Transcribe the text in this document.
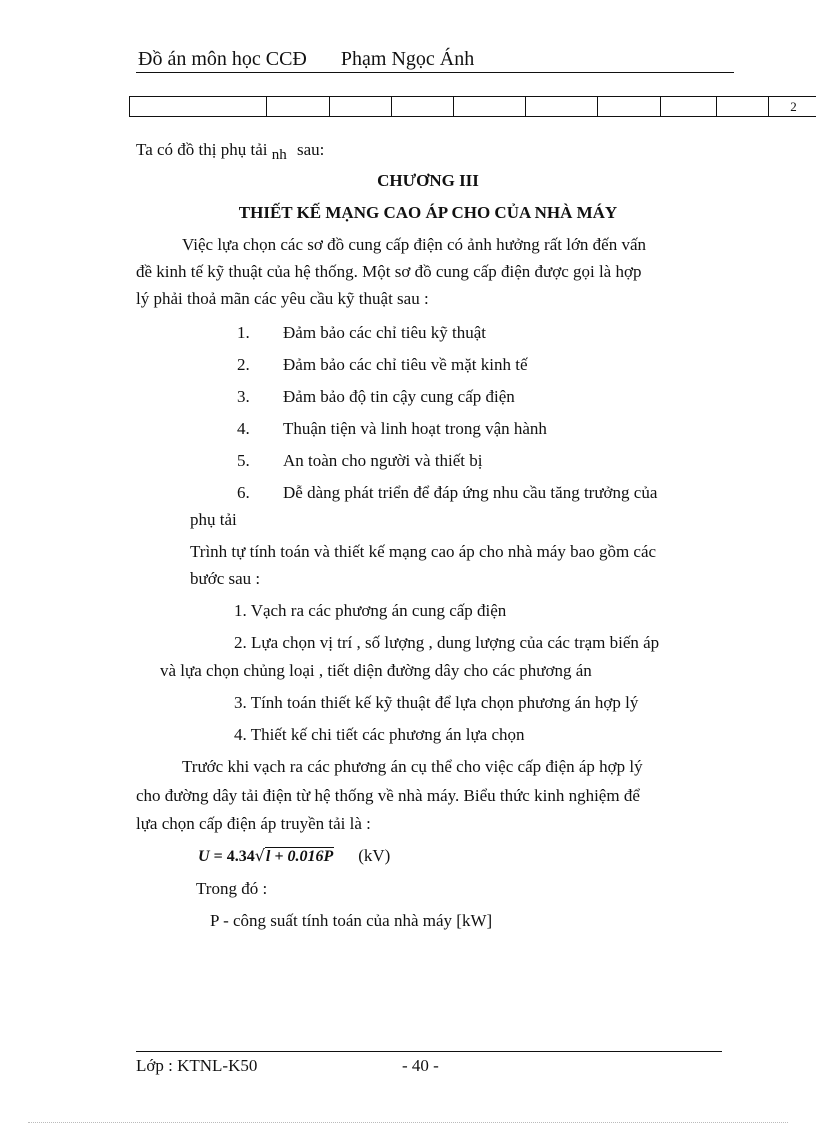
Đồ án môn học CCĐ Phạm Ngọc Ánh
									2
Ta có đồ thị phụ tải nh sau:
CHƯƠNG III
THIẾT KẾ MẠNG CAO ÁP CHO CỦA NHÀ MÁY
Việc lựa chọn các sơ đồ cung cấp điện có ảnh hưởng rất lớn đến vấn
đề kinh tế kỹ thuật của hệ thống. Một sơ đồ cung cấp điện được gọi là hợp
lý phải thoả mãn các yêu cầu kỹ thuật sau :
1. Đảm bảo các chỉ tiêu kỹ thuật
2. Đảm bảo các chỉ tiêu về mặt kinh tế
3. Đảm bảo độ tin cậy cung cấp điện
4. Thuận tiện và linh hoạt trong vận hành
5. An toàn cho người và thiết bị
6. Dễ dàng phát triển để đáp ứng nhu cầu tăng trưởng của
phụ tải
Trình tự tính toán và thiết kế mạng cao áp cho nhà máy bao gồm các
bước sau :
1. Vạch ra các phương án cung cấp điện
2. Lựa chọn vị trí , số lượng , dung lượng của các trạm biến áp
và lựa chọn chủng loại , tiết diện đường dây cho các phương án
3. Tính toán thiết kế kỹ thuật để lựa chọn phương án hợp lý
4. Thiết kế chi tiết các phương án lựa chọn
Trước khi vạch ra các phương án cụ thể cho việc cấp điện áp hợp lý
cho đường dây tải điện từ hệ thống về nhà máy. Biểu thức kinh nghiệm để
lựa chọn cấp điện áp truyền tải là :
U = 4.34√l + 0.016P (kV)
Trong đó :
P - công suất tính toán của nhà máy [kW]
Lớp : KTNL-K50	- 40 -
